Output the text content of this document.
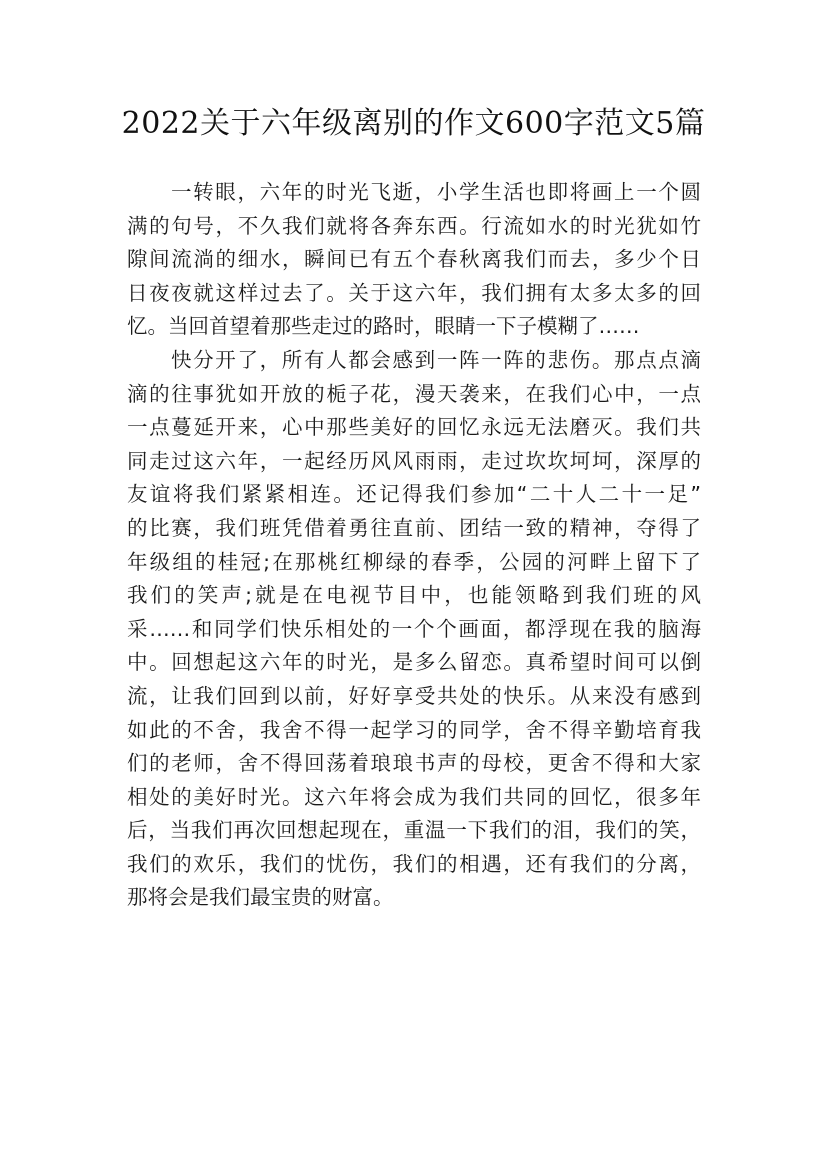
2022关于六年级离别的作文600字范文5篇
一转眼，六年的时光飞逝，小学生活也即将画上一个圆
满的句号，不久我们就将各奔东西。行流如水的时光犹如竹
隙间流淌的细水，瞬间已有五个春秋离我们而去，多少个日
日夜夜就这样过去了。关于这六年，我们拥有太多太多的回
忆。当回首望着那些走过的路时，眼睛一下子模糊了……
快分开了，所有人都会感到一阵一阵的悲伤。那点点滴
滴的往事犹如开放的栀子花，漫天袭来，在我们心中，一点
一点蔓延开来，心中那些美好的回忆永远无法磨灭。我们共
同走过这六年，一起经历风风雨雨，走过坎坎坷坷，深厚的
友谊将我们紧紧相连。还记得我们参加“二十人二十一足”
的比赛，我们班凭借着勇往直前、团结一致的精神，夺得了
年级组的桂冠;在那桃红柳绿的春季，公园的河畔上留下了
我们的笑声;就是在电视节目中，也能领略到我们班的风
采……和同学们快乐相处的一个个画面，都浮现在我的脑海
中。回想起这六年的时光，是多么留恋。真希望时间可以倒
流，让我们回到以前，好好享受共处的快乐。从来没有感到
如此的不舍，我舍不得一起学习的同学，舍不得辛勤培育我
们的老师，舍不得回荡着琅琅书声的母校，更舍不得和大家
相处的美好时光。这六年将会成为我们共同的回忆，很多年
后，当我们再次回想起现在，重温一下我们的泪，我们的笑，
我们的欢乐，我们的忧伤，我们的相遇，还有我们的分离，
那将会是我们最宝贵的财富。
